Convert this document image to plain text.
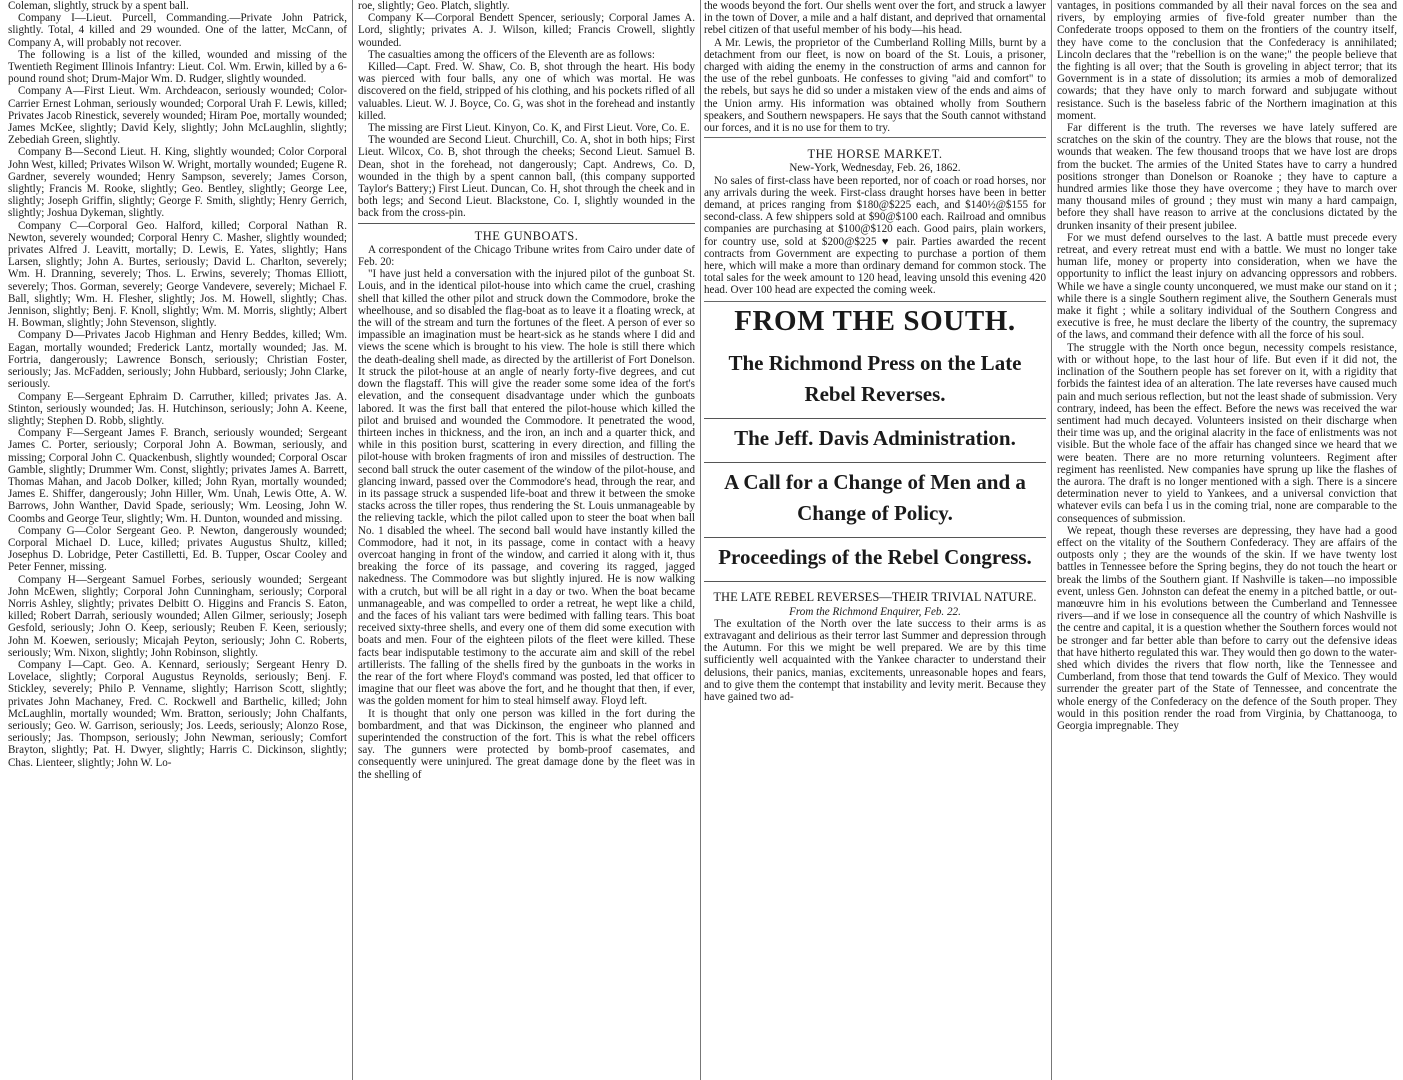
Coleman, slightly, struck by a spent ball.

Company I—Lieut. Purcell, Commanding.—Private John Patrick, slightly. Total, 4 killed and 29 wounded. One of the latter, McCann, of Company A, will probably not recover.

The following is a list of the killed, wounded and missing of the Twentieth Regiment Illinois Infantry: Lieut. Col. Wm. Erwin, killed by a 6-pound round shot; Drum-Major Wm. D. Rudger, slightly wounded.

Company A—First Lieut. Wm. Archdeacon, seriously wounded; Color-Carrier Ernest Lohman, seriously wounded; Corporal Urah F. Lewis, killed; Privates Jacob Rinestick, severely wounded; Hiram Poe, mortally wounded; James McKee, slightly; David Kely, slightly; John McLaughlin, slightly; Zebediah Green, slightly.

Company B—Second Lieut. H. King, slightly wounded; Color Corporal John West, killed; Privates Wilson W. Wright, mortally wounded; Eugene R. Gardner, severely wounded; Henry Sampson, severely; James Corson, slightly; Francis M. Rooke, slightly; Geo. Bentley, slightly; George Lee, slightly; Joseph Griffin, slightly; George F. Smith, slightly; Henry Gerrich, slightly; Joshua Dykeman, slightly.

Company C—Corporal Geo. Halford, killed; Corporal Nathan R. Newton, severely wounded; Corporal Henry C. Masher, slightly wounded; privates Alfred J. Leavitt, mortally; D. Lewis, E. Yates, slightly; Hans Larsen, slightly; John A. Burtes, seriously; David L. Charlton, severely; Wm. H. Dranning, severely; Thos. L. Erwins, severely; Thomas Elliott, severely; Thos. Gorman, severely; George Vandevere, severely; Michael F. Ball, slightly; Wm. H. Flesher, slightly; Jos. M. Howell, slightly; Chas. Jennison, slightly; Benj. F. Knoll, slightly; Wm. M. Morris, slightly; Albert H. Bowman, slightly; John Stevenson, slightly.

Company D—Privates Jacob Highman and Henry Beddes, killed; Wm. Eagan, mortally wounded; Frederick Lantz, mortally wounded; Jas. M. Fortria, dangerously; Lawrence Bonsch, seriously; Christian Foster, seriously; Jas. McFadden, seriously; John Hubbard, seriously; John Clarke, seriously.

Company E—Sergeant Ephraim D. Carruther, killed; privates Jas. A. Stinton, seriously wounded; Jas. H. Hutchinson, seriously; John A. Keene, slightly; Stephen D. Robb, slightly.

Company F—Sergeant James F. Branch, seriously wounded; Sergeant James C. Porter, seriously; Corporal John A. Bowman, seriously, and missing; Corporal John C. Quackenbush, slightly wounded; Corporal Oscar Gamble, slightly; Drummer Wm. Const, slightly; privates James A. Barrett, Thomas Mahan, and Jacob Dolker, killed; John Ryan, mortally wounded; James E. Shiffer, dangerously; John Hiller, Wm. Unah, Lewis Otte, A. W. Barrows, John Wanther, David Spade, seriously; Wm. Leosing, John W. Coombs and George Teur, slightly; Wm. H. Dunton, wounded and missing.

Company G—Color Sergeant Geo. P. Newton, dangerously wounded; Corporal Michael D. Luce, killed; privates Augustus Shultz, killed; Josephus D. Lobridge, Peter Castilletti, Ed. B. Tupper, Oscar Cooley and Peter Fenner, missing.

Company H—Sergeant Samuel Forbes, seriously wounded; Sergeant John McEwen, slightly; Corporal John Cunningham, seriously; Corporal Norris Ashley, slightly; privates Delbitt O. Higgins and Francis S. Eaton, killed; Robert Darrah, seriously wounded; Allen Gilmer, seriously; Joseph Gesfold, seriously; John O. Keep, seriously; Reuben F. Keen, seriously; John M. Koewen, seriously; Micajah Peyton, seriously; John C. Roberts, seriously; Wm. Nixon, slightly; John Robinson, slightly.

Company I—Capt. Geo. A. Kennard, seriously; Sergeant Henry D. Lovelace, slightly; Corporal Augustus Reynolds, seriously; Benj. F. Stickley, severely; Philo P. Venname, slightly; Harrison Scott, slightly; privates John Machaney, Fred. C. Rockwell and Barthelic, killed; John McLaughlin, mortally wounded; Wm. Bratton, seriously; John Chalfants, seriously; Geo. W. Garrison, seriously; Jos. Leeds, seriously; Alonzo Rose, seriously; Jas. Thompson, seriously; John Newman, seriously; Comfort Brayton, slightly; Pat. H. Dwyer, slightly; Harris C. Dickinson, slightly; Chas. Lienteer, slightly; John W. Lo-

roe, slightly; Geo. Platch, slightly.

Company K—Corporal Bendett Spencer, seriously; Corporal James A. Lord, slightly; privates A. J. Wilson, killed; Francis Crowell, slightly wounded.

The casualties among the officers of the Eleventh are as follows:

Killed—Capt. Fred. W. Shaw, Co. B, shot through the heart. His body was pierced with four balls, any one of which was mortal. He was discovered on the field, stripped of his clothing, and his pockets rifled of all valuables. Lieut. W. J. Boyce, Co. G, was shot in the forehead and instantly killed.

The missing are First Lieut. Kinyon, Co. K, and First Lieut. Vore, Co. E.

The wounded are Second Lieut. Churchill, Co. A, shot in both hips; First Lieut. Wilcox, Co. B, shot through the cheeks; Second Lieut. Samuel B. Dean, shot in the forehead, not dangerously; Capt. Andrews, Co. D, wounded in the thigh by a spent cannon ball, (this company supported Taylor's Battery;) First Lieut. Duncan, Co. H, shot through the cheek and in both legs; and Second Lieut. Blackstone, Co. I, slightly wounded in the back from the cross-pin.

THE GUNBOATS.

A correspondent of the Chicago Tribune writes from Cairo under date of Feb. 20:

"I have just held a conversation with the injured pilot of the gunboat St. Louis, and in the identical pilot-house into which came the cruel, crashing shell that killed the other pilot and struck down the Commodore, broke the wheelhouse, and so disabled the flag-boat as to leave it a floating wreck, at the will of the stream and turn the fortunes of the fleet. A person of ever so impassible an imagination must be heart-sick as he stands where I did and views the scene which is brought to his view. The hole is still there which the death-dealing shell made, as directed by the artillerist of Fort Donelson. It struck the pilot-house at an angle of nearly forty-five degrees, and cut down the flagstaff. This will give the reader some some idea of the fort's elevation, and the consequent disadvantage under which the gunboats labored. It was the first ball that entered the pilot-house which killed the pilot and bruised and wounded the Commodore. It penetrated the wood, thirteen inches in thickness, and the iron, an inch and a quarter thick, and while in this position burst, scattering in every direction, and filling the pilot-house with broken fragments of iron and missiles of destruction. The second ball struck the outer casement of the window of the pilot-house, and glancing inward, passed over the Commodore's head, through the rear, and in its passage struck a suspended life-boat and threw it between the smoke stacks across the tiller ropes, thus rendering the St. Louis unmanageable by the relieving tackle, which the pilot called upon to steer the boat when ball No. 1 disabled the wheel. The second ball would have instantly killed the Commodore, had it not, in its passage, come in contact with a heavy overcoat hanging in front of the window, and carried it along with it, thus breaking the force of its passage, and covering its ragged, jagged nakedness. The Commodore was but slightly injured. He is now walking with a crutch, but will be all right in a day or two. When the boat became unmanageable, and was compelled to order a retreat, he wept like a child, and the faces of his valiant tars were bedimed with falling tears. This boat received sixty-three shells, and every one of them did some execution with boats and men. Four of the eighteen pilots of the fleet were killed. These facts bear indisputable testimony to the accurate aim and skill of the rebel artillerists. The falling of the shells fired by the gunboats in the works in the rear of the fort where Floyd's command was posted, led that officer to imagine that our fleet was above the fort, and he thought that then, if ever, was the golden moment for him to steal himself away. Floyd left.

It is thought that only one person was killed in the fort during the bombardment, and that was Dickinson, the engineer who planned and superintended the construction of the fort. This is what the rebel officers say. The gunners were protected by bomb-proof casemates, and consequently were uninjured. The great damage done by the fleet was in the shelling of

the woods beyond the fort. Our shells went over the fort, and struck a lawyer in the town of Dover, a mile and a half distant, and deprived that ornamental rebel citizen of that useful member of his body—his head.

A Mr. Lewis, the proprietor of the Cumberland Rolling Mills, burnt by a detachment from our fleet, is now on board of the St. Louis, a prisoner, charged with aiding the enemy in the construction of arms and cannon for the use of the rebel gunboats. He confesses to giving "aid and comfort" to the rebels, but says he did so under a mistaken view of the ends and aims of the Union army. His information was obtained wholly from Southern speakers, and Southern newspapers. He says that the South cannot withstand our forces, and it is no use for them to try.

THE HORSE MARKET.
New-York, Wednesday, Feb. 26, 1862.

No sales of first-class have been reported, nor of coach or road horses, nor any arrivals during the week. First-class draught horses have been in better demand, at prices ranging from $180@$225 each, and $140½@$155 for second-class. A few shippers sold at $90@$100 each. Railroad and omnibus companies are purchasing at $100@$120 each. Good pairs, plain workers, for country use, sold at $200@$225 ♥ pair. Parties awarded the recent contracts from Government are expecting to purchase a portion of them here, which will make a more than ordinary demand for common stock. The total sales for the week amount to 120 head, leaving unsold this evening 420 head. Over 100 head are expected the coming week.

FROM THE SOUTH.
The Richmond Press on the Late Rebel Reverses.
The Jeff. Davis Administration.
A Call for a Change of Men and a Change of Policy.
Proceedings of the Rebel Congress.
THE LATE REBEL REVERSES—THEIR TRIVIAL NATURE.
From the Richmond Enquirer, Feb. 22.

The exultation of the North over the late success to their arms is as extravagant and delirious as their terror last Summer and depression through the Autumn. For this we might be well prepared. We are by this time sufficiently well acquainted with the Yankee character to understand their delusions, their panics, manias, excitements, unreasonable hopes and fears, and to give them the contempt that instability and levity merit. Because they have gained two ad-

vantages, in positions commanded by all their naval forces on the sea and rivers, by employing armies of five-fold greater number than the Confederate troops opposed to them on the frontiers of the country itself, they have come to the conclusion that the Confederacy is annihilated; Lincoln declares that the "rebellion is on the wane;" the people believe that the fighting is all over; that the South is groveling in abject terror; that its Government is in a state of dissolution; its armies a mob of demoralized cowards; that they have only to march forward and subjugate without resistance. Such is the baseless fabric of the Northern imagination at this moment.

Far different is the truth. The reverses we have lately suffered are scratches on the skin of the country. They are the blows that rouse, not the wounds that weaken. The few thousand troops that we have lost are drops from the bucket. The armies of the United States have to carry a hundred positions stronger than Donelson or Roanoke ; they have to capture a hundred armies like those they have overcome ; they have to march over many thousand miles of ground ; they must win many a hard campaign, before they shall have reason to arrive at the conclusions dictated by the drunken insanity of their present jubilee.

For we must defend ourselves to the last. A battle must precede every retreat, and every retreat must end with a battle. We must no longer take human life, money or property into consideration, when we have the opportunity to inflict the least injury on advancing oppressors and robbers. While we have a single county unconquered, we must make our stand on it ; while there is a single Southern regiment alive, the Southern Generals must make it fight ; while a solitary individual of the Southern Congress and executive is free, he must declare the liberty of the country, the supremacy of the laws, and command their defence with all the force of his soul.

The struggle with the North once begun, necessity compels resistance, with or without hope, to the last hour of life. But even if it did not, the inclination of the Southern people has set forever on it, with a rigidity that forbids the faintest idea of an alteration. The late reverses have caused much pain and much serious reflection, but not the least shade of submission. Very contrary, indeed, has been the effect. Before the news was received the war sentiment had much decayed. Volunteers insisted on their discharge when their time was up, and the original alacrity in the face of enlistments was not visible. But the whole face of the affair has changed since we heard that we were beaten. There are no more returning volunteers. Regiment after regiment has reenlisted. New companies have sprung up like the flashes of the aurora. The draft is no longer mentioned with a sigh. There is a sincere determination never to yield to Yankees, and a universal conviction that whatever evils can befa l us in the coming trial, none are comparable to the consequences of submission.

We repeat, though these reverses are depressing, they have had a good effect on the vitality of the Southern Confederacy. They are affairs of the outposts only ; they are the wounds of the skin. If we have twenty lost battles in Tennessee before the Spring begins, they do not touch the heart or break the limbs of the Southern giant. If Nashville is taken—no impossible event, unless Gen. Johnston can defeat the enemy in a pitched battle, or out-manœuvre him in his evolutions between the Cumberland and Tennessee rivers—and if we lose in consequence all the country of which Nashville is the centre and capital, it is a question whether the Southern forces would not be stronger and far better able than before to carry out the defensive ideas that have hitherto regulated this war. They would then go down to the water-shed which divides the rivers that flow north, like the Tennessee and Cumberland, from those that tend towards the Gulf of Mexico. They would surrender the greater part of the State of Tennessee, and concentrate the whole energy of the Confederacy on the defence of the South proper. They would in this position render the road from Virginia, by Chattanooga, to Georgia impregnable. They
